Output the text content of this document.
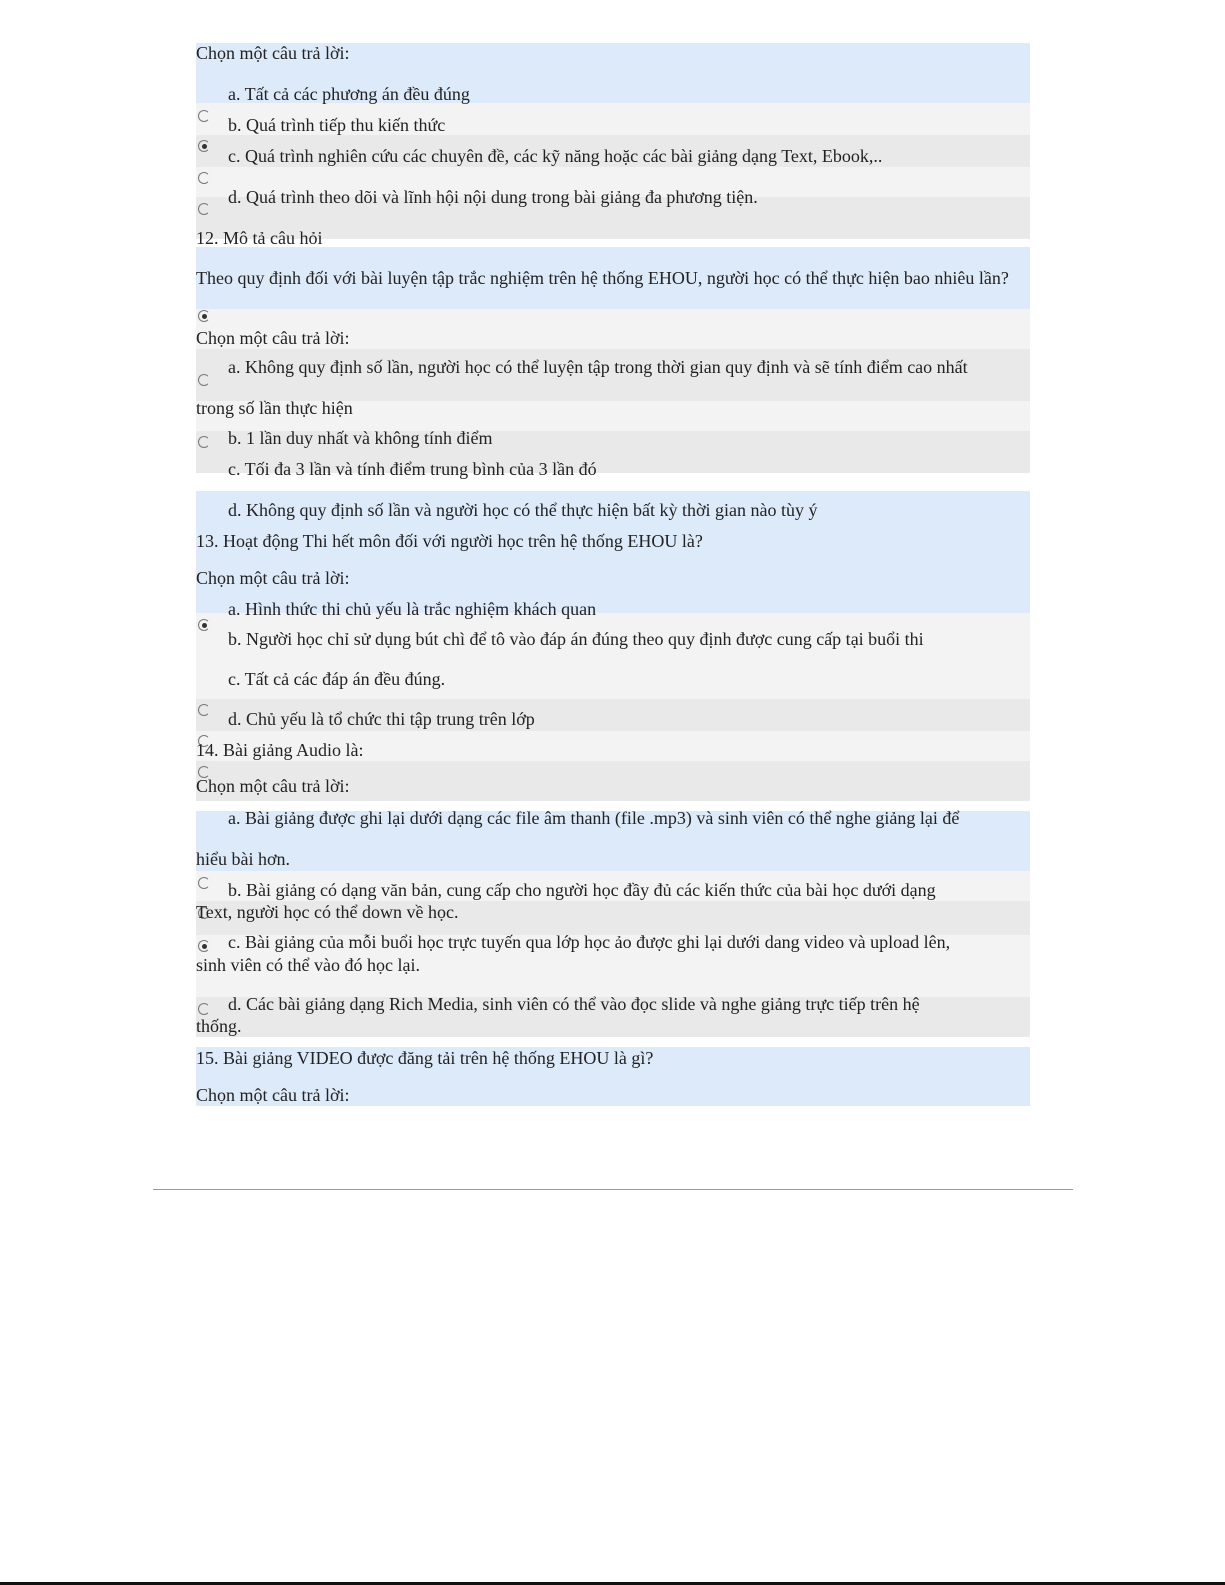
Chọn một câu trả lời:
a. Tất cả các phương án đều đúng
b. Quá trình tiếp thu kiến thức
c. Quá trình nghiên cứu các chuyên đề, các kỹ năng hoặc các bài giảng dạng Text, Ebook,..
d. Quá trình theo dõi và lĩnh hội nội dung trong bài giảng đa phương tiện.
12. Mô tả câu hỏi
Theo quy định đối với bài luyện tập trắc nghiệm trên hệ thống EHOU, người học có thể thực hiện bao nhiêu lần?
Chọn một câu trả lời:
a. Không quy định số lần, người học có thể luyện tập trong thời gian quy định và sẽ tính điểm cao nhất
trong số lần thực hiện
b. 1 lần duy nhất và không tính điểm
c. Tối đa 3 lần và tính điểm trung bình của 3 lần đó
d. Không quy định số lần và người học có thể thực hiện bất kỳ thời gian nào tùy ý
13. Hoạt động Thi hết môn đối với người học trên hệ thống EHOU là?
Chọn một câu trả lời:
a. Hình thức thi chủ yếu là trắc nghiệm khách quan
b. Người học chỉ sử dụng bút chì để tô vào đáp án đúng theo quy định được cung cấp tại buổi thi
c. Tất cả các đáp án đều đúng.
d. Chủ yếu là tổ chức thi tập trung trên lớp
14. Bài giảng Audio là:
Chọn một câu trả lời:
a. Bài giảng được ghi lại dưới dạng các file âm thanh (file .mp3) và sinh viên có thể nghe giảng lại để
hiểu bài hơn.
b. Bài giảng có dạng văn bản, cung cấp cho người học đầy đủ các kiến thức của bài học dưới dạng
Text, người học có thể down về học.
c. Bài giảng của mỗi buổi học trực tuyến qua lớp học ảo được ghi lại dưới dang video và upload lên,
sinh viên có thể vào đó học lại.
d. Các bài giảng dạng Rich Media, sinh viên có thể vào đọc slide và nghe giảng trực tiếp trên hệ
thống.
15. Bài giảng VIDEO được đăng tải trên hệ thống EHOU là gì?
Chọn một câu trả lời:
